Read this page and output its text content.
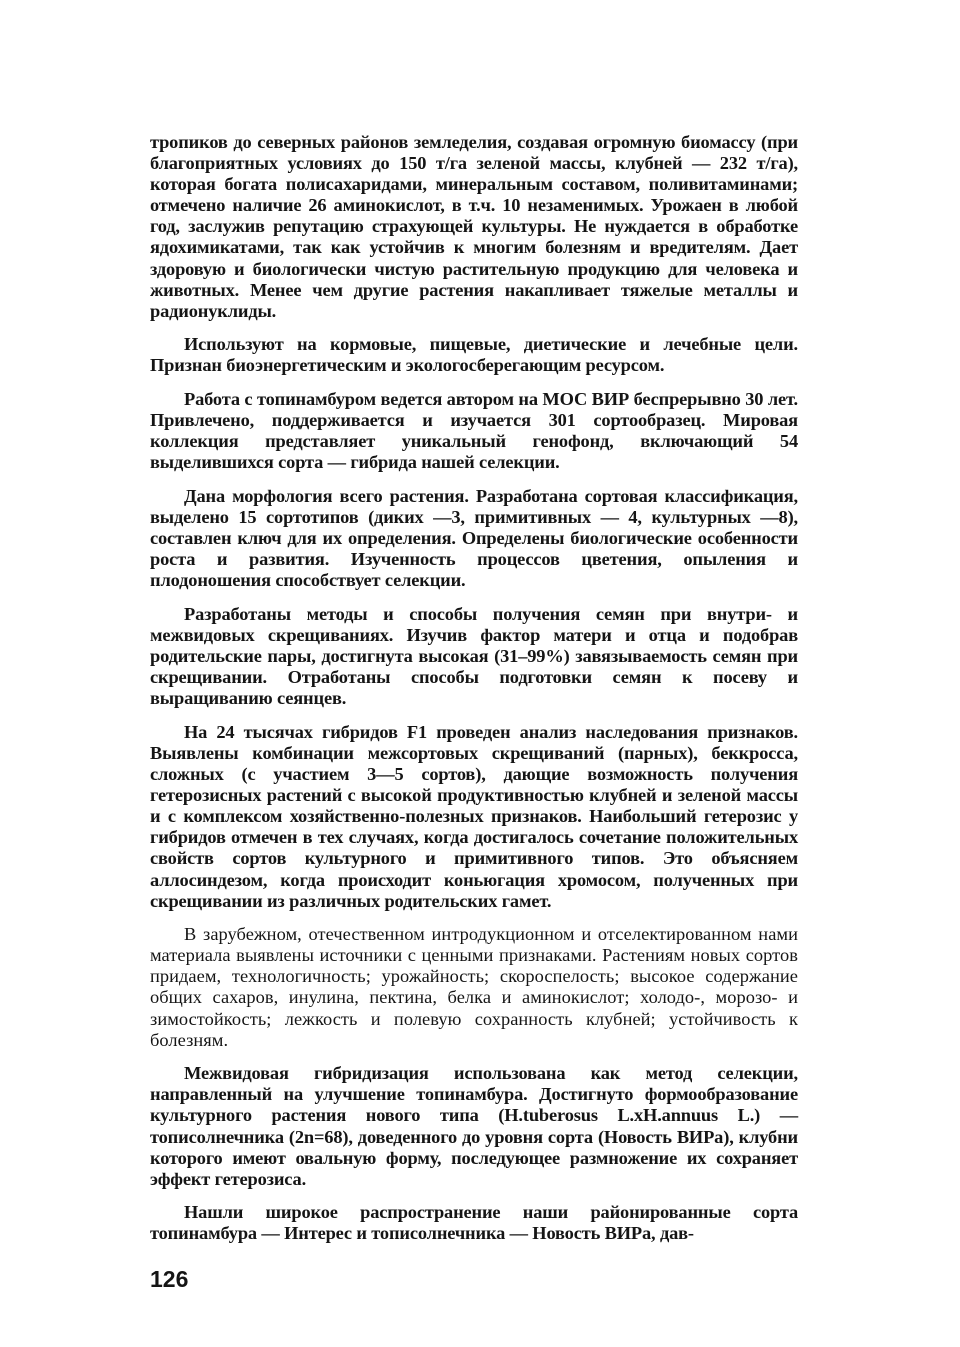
тропиков до северных районов земледелия, создавая огромную биомассу (при благоприятных условиях до 150 т/га зеленой массы, клубней — 232 т/га), которая богата полисахаридами, минеральным составом, поливитаминами; отмечено наличие 26 аминокислот, в т.ч. 10 незаменимых. Урожаен в любой год, заслужив репутацию страхующей культуры. Не нуждается в обработке ядохимикатами, так как устойчив к многим болезням и вредителям. Дает здоровую и биологически чистую растительную продукцию для человека и животных. Менее чем другие растения накапливает тяжелые металлы и радионуклиды.

Используют на кормовые, пищевые, диетические и лечебные цели. Признан биоэнергетическим и экологосберегающим ресурсом.

Работа с топинамбуром ведется автором на МОС ВИР беспрерывно 30 лет. Привлечено, поддерживается и изучается 301 сортообразец. Мировая коллекция представляет уникальный генофонд, включающий 54 выделившихся сорта — гибрида нашей селекции.

Дана морфология всего растения. Разработана сортовая классификация, выделено 15 сортотипов (диких —3, примитивных — 4, культурных —8), составлен ключ для их определения. Определены биологические особенности роста и развития. Изученность процессов цветения, опыления и плодоношения способствует селекции.

Разработаны методы и способы получения семян при внутри- и межвидовых скрещиваниях. Изучив фактор матери и отца и подобрав родительские пары, достигнута высокая (31–99%) завязываемость семян при скрещивании. Отработаны способы подготовки семян к посеву и выращиванию сеянцев.

На 24 тысячах гибридов F1 проведен анализ наследования признаков. Выявлены комбинации межсортовых скрещиваний (парных), беккросса, сложных (с участием 3—5 сортов), дающие возможность получения гетерозисных растений с высокой продуктивностью клубней и зеленой массы и с комплексом хозяйственно-полезных признаков. Наибольший гетерозис у гибридов отмечен в тех случаях, когда достигалось сочетание положительных свойств сортов культурного и примитивного типов. Это объясняем аллосиндезом, когда происходит коньюгация хромосом, полученных при скрещивании из различных родительских гамет.

В зарубежном, отечественном интродукционном и отселектированном нами материала выявлены источники с ценными признаками. Растениям новых сортов придаем, технологичность; урожайность; скороспелость; высокое содержание общих сахаров, инулина, пектина, белка и аминокислот; холодо-, морозо- и зимостойкость; лежкость и полевую сохранность клубней; устойчивость к болезням.

Межвидовая гибридизация использована как метод селекции, направленный на улучшение топинамбура. Достигнуто формообразование культурного растения нового типа (H.tuberosus L.xH.annuus L.) — тописолнечника (2n=68), доведенного до уровня сорта (Новость ВИРа), клубни которого имеют овальную форму, последующее размножение их сохраняет эффект гетерозиса.

Нашли широкое распространение наши районированные сорта топинамбура — Интерес и тописолнечника — Новость ВИРа, дав-

126
